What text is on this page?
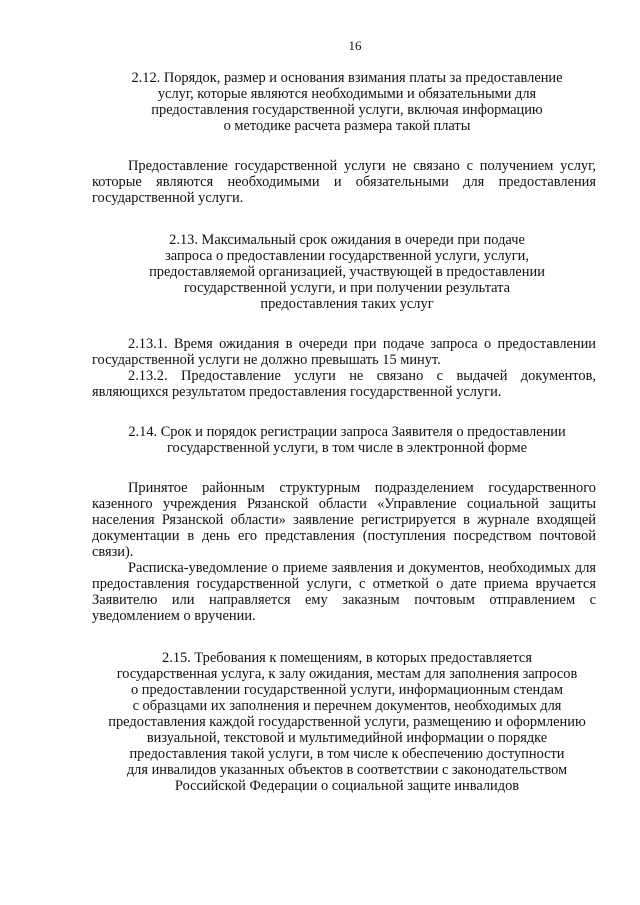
16
2.12. Порядок, размер и основания взимания платы за предоставление
услуг, которые являются необходимыми и обязательными для
предоставления государственной услуги, включая информацию
о методике расчета размера такой платы

Предоставление государственной услуги не связано с получением услуг, которые являются необходимыми и обязательными для предоставления государственной услуги.

2.13. Максимальный срок ожидания в очереди при подаче
запроса о предоставлении государственной услуги, услуги,
предоставляемой организацией, участвующей в предоставлении
государственной услуги, и при получении результата
предоставления таких услуг

2.13.1. Время ожидания в очереди при подаче запроса о предоставлении государственной услуги не должно превышать 15 минут.

2.13.2. Предоставление услуги не связано с выдачей документов, являющихся результатом предоставления государственной услуги.

2.14. Срок и порядок регистрации запроса Заявителя о предоставлении
государственной услуги, в том числе в электронной форме

Принятое районным структурным подразделением государственного казенного учреждения Рязанской области «Управление социальной защиты населения Рязанской области» заявление регистрируется в журнале входящей документации в день его представления (поступления посредством почтовой связи).

Расписка-уведомление о приеме заявления и документов, необходимых для предоставления государственной услуги, с отметкой о дате приема вручается Заявителю или направляется ему заказным почтовым отправлением с уведомлением о вручении.

2.15. Требования к помещениям, в которых предоставляется
государственная услуга, к залу ожидания, местам для заполнения запросов
о предоставлении государственной услуги, информационным стендам
с образцами их заполнения и перечнем документов, необходимых для
предоставления каждой государственной услуги, размещению и оформлению
визуальной, текстовой и мультимедийной информации о порядке
предоставления такой услуги, в том числе к обеспечению доступности
для инвалидов указанных объектов в соответствии с законодательством
Российской Федерации о социальной защите инвалидов
